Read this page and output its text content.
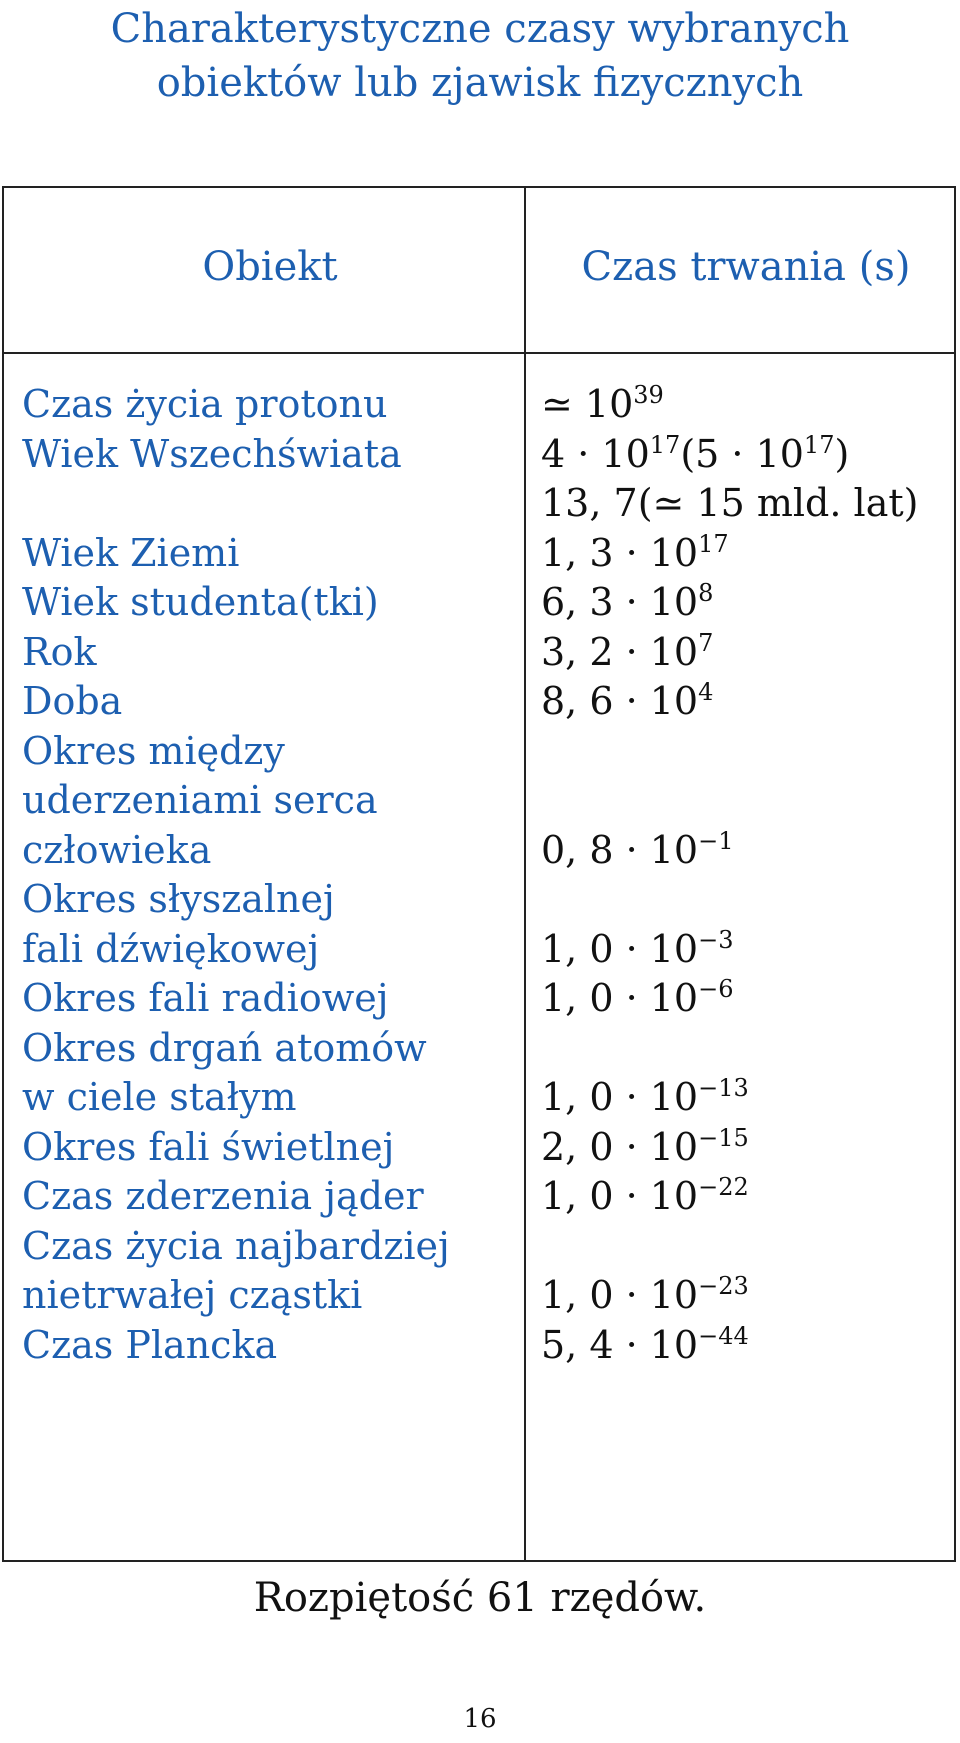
Charakterystyczne czasy wybranych
obiektów lub zjawisk fizycznych
Obiekt	Czas trwania (s)
Czas życia protonu	≃ $10^{39}$
Wiek Wszechświata	$4 \cdot 10^{17}(5 \cdot 10^{17})$
13, 7(≃ 15 mld. lat)
Wiek Ziemi	1, $3 \cdot 10^{17}$
Wiek studenta(tki)	6, $3 \cdot 10^8$
Rok	3, $2 \cdot 10^7$
Doba	8, $6 \cdot 10^4$
Okres między
uderzeniami serca
człowieka	0, $8 \cdot 10^{-1}$
Okres słyszalnej
fali dźwiękowej	1, $0 \cdot 10^{-3}$
Okres fali radiowej	1, $0 \cdot 10^{-6}$
Okres drgań atomów
w ciele stałym	1, $0 \cdot 10^{-13}$
Okres fali świetlnej	2, $0 \cdot 10^{-15}$
Czas zderzenia jąder	1, $0 \cdot 10^{-22}$
Czas życia najbardziej
nietrwałej cząstki	1, $0 \cdot 10^{-23}$
Czas Plancka	5, $4 \cdot 10^{-44}$
Rozpiętość 61 rzędów.
16
